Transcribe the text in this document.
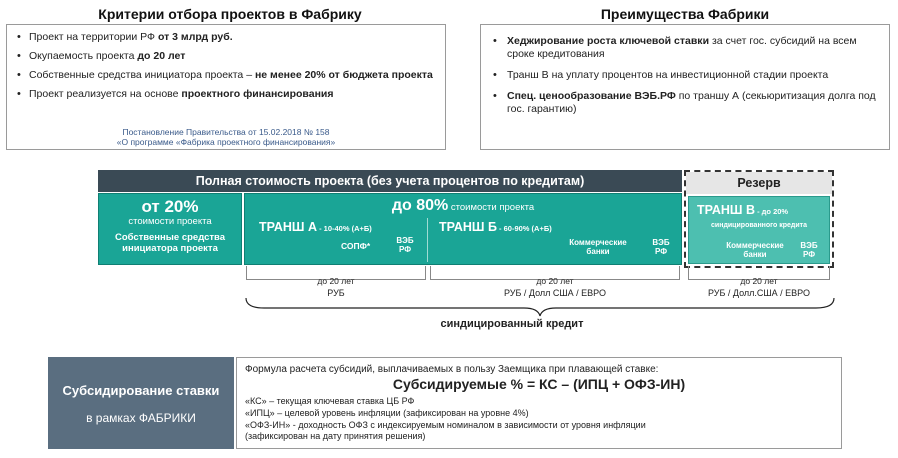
Критерии отбора проектов в Фабрику	Преимущества Фабрики
• Проект на территории РФ от 3 млрд руб.
• Окупаемость проекта до 20 лет
• Собственные средства инициатора проекта – не менее 20% от бюджета проекта
• Проект реализуется на основе проектного финансирования
Постановление Правительства от 15.02.2018 № 158
«О программе «Фабрика проектного финансирования»
• Хеджирование роста ключевой ставки за счет гос. субсидий на всем сроке кредитования
• Транш В на уплату процентов на инвестиционной стадии проекта
• Спец. ценообразование ВЭБ.РФ по траншу А (секьюритизация долга под гос. гарантию)
Полная стоимость проекта (без учета процентов по кредитам)	Резерв
от 20%
стоимости проекта
Собственные средства инициатора проекта
до 80% стоимости проекта
ТРАНШ А - 10-40% (А+Б)
СОПФ*
ВЭБ РФ
ТРАНШ Б - 60-90% (А+Б)
Коммерческие банки
ВЭБ РФ
ТРАНШ В - до 20%
синдицированного кредита
Коммерческие банки
ВЭБ РФ
до 20 лет
РУБ
до 20 лет
РУБ / Долл США / ЕВРО
до 20 лет
РУБ / Долл.США / ЕВРО
синдицированный кредит
Субсидирование ставки
в рамках ФАБРИКИ
Формула расчета субсидий, выплачиваемых в пользу Заемщика при плавающей ставке:
Субсидируемые % = КС – (ИПЦ + ОФЗ-ИН)
«КС» – текущая ключевая ставка ЦБ РФ
«ИПЦ» – целевой уровень инфляции (зафиксирован на уровне 4%)
«ОФЗ-ИН» - доходность ОФЗ с индексируемым номиналом в зависимости от уровня инфляции
(зафиксирован на дату принятия решения)
